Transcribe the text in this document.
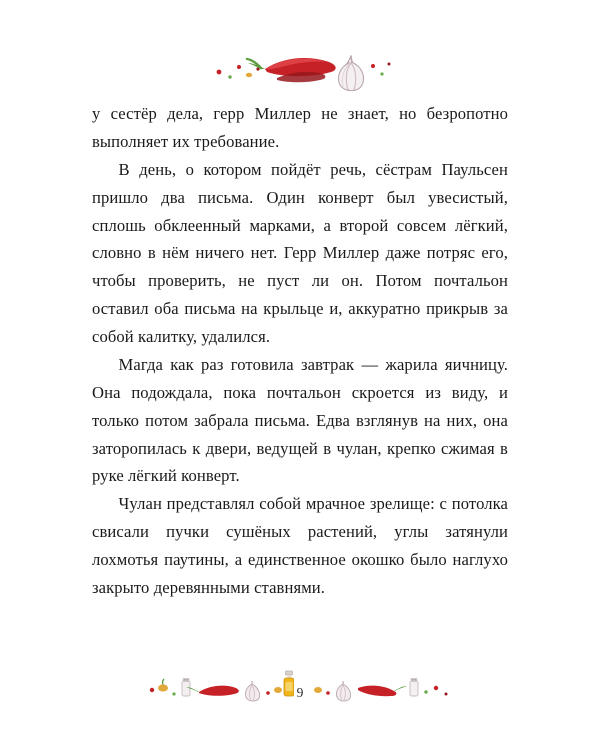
у сестёр дела, герр Миллер не знает, но безропотно выполняет их требование.

В день, о котором пойдёт речь, сёстрам Паульсен пришло два письма. Один конверт был увесистый, сплошь обклеенный марками, а второй совсем лёгкий, словно в нём ничего нет. Герр Миллер даже потряс его, чтобы проверить, не пуст ли он. Потом почтальон оставил оба письма на крыльце и, аккуратно прикрыв за собой калитку, удалился.

Магда как раз готовила завтрак — жарила яичницу. Она подождала, пока почтальон скроется из виду, и только потом забрала письма. Едва взглянув на них, она заторопилась к двери, ведущей в чулан, крепко сжимая в руке лёгкий конверт.

Чулан представлял собой мрачное зрелище: с потолка свисали пучки сушёных растений, углы затянули лохмотья паутины, а единственное окошко было наглухо закрыто деревянными ставнями.

9
